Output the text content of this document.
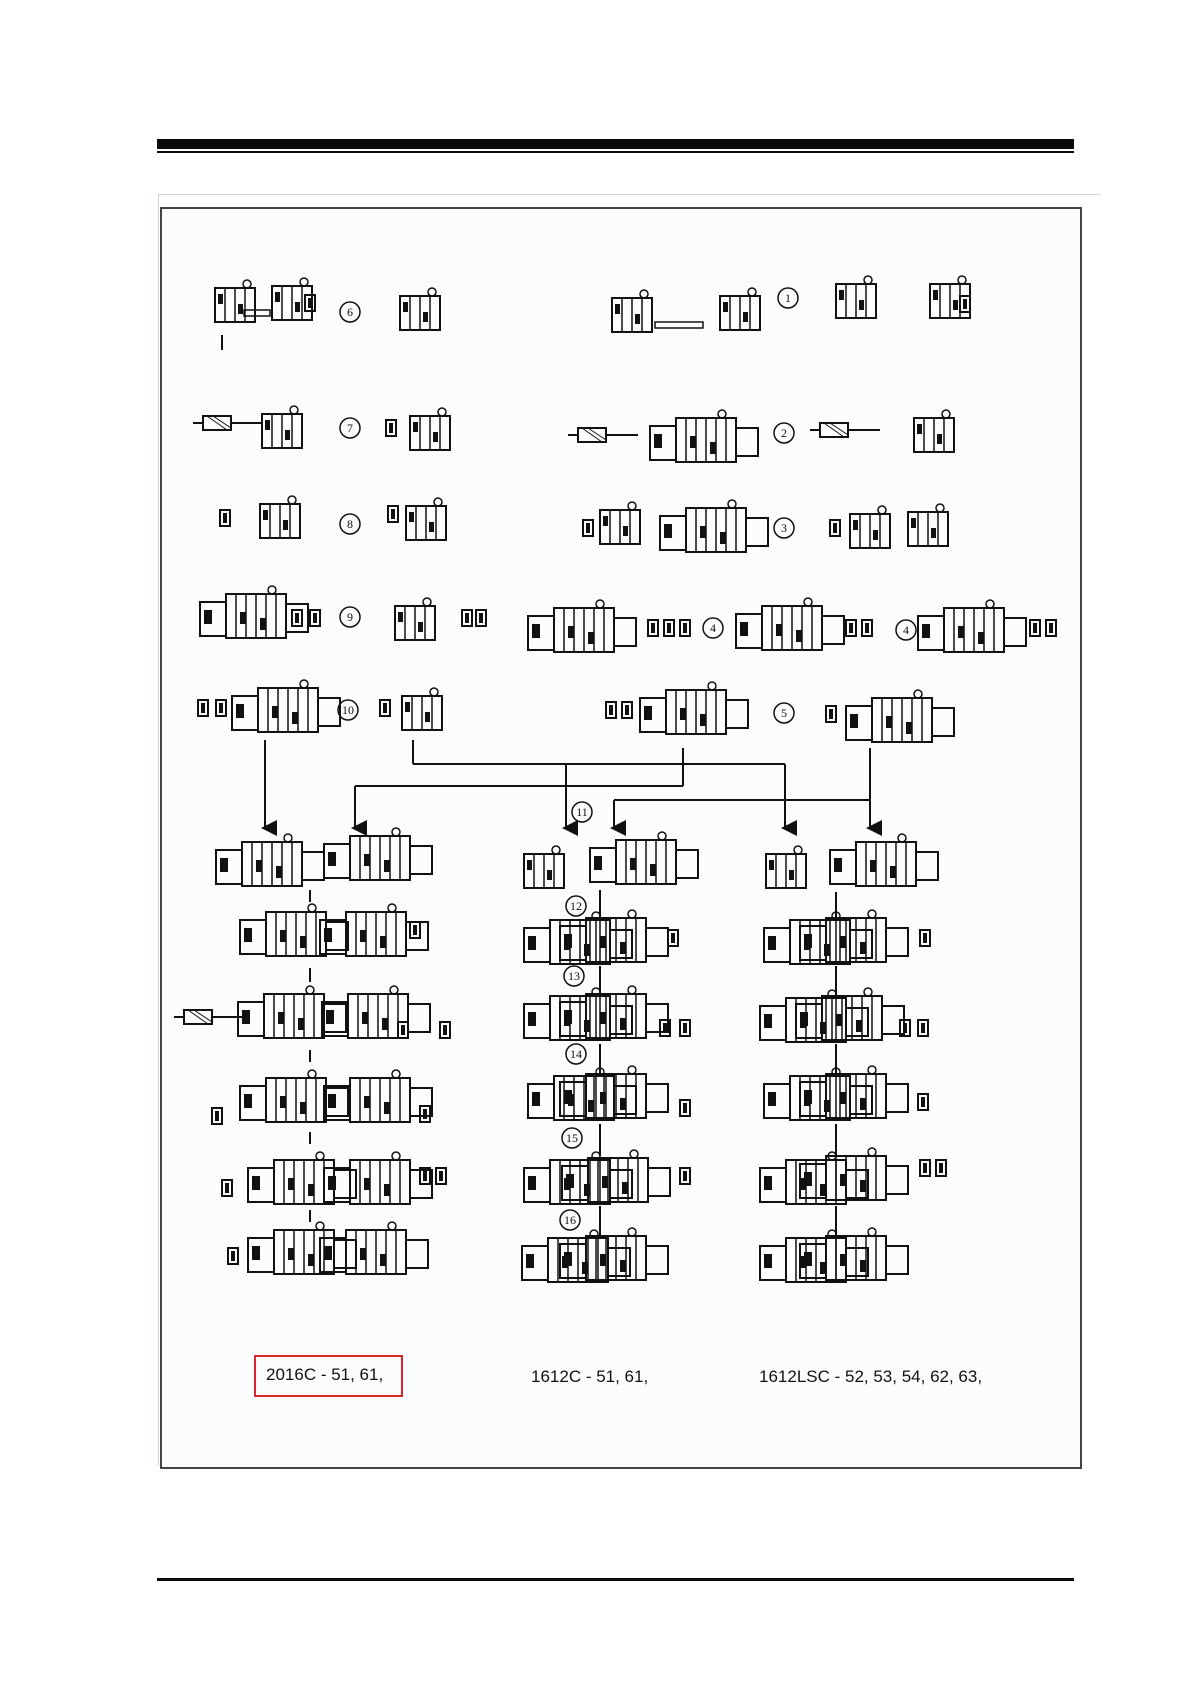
1
2
3
4	4
5
6
7
8
9
10
11
12
13
14
15
16
2016C - 51, 61,	1612C - 51, 61,	1612LSC - 52, 53, 54, 62, 63,
